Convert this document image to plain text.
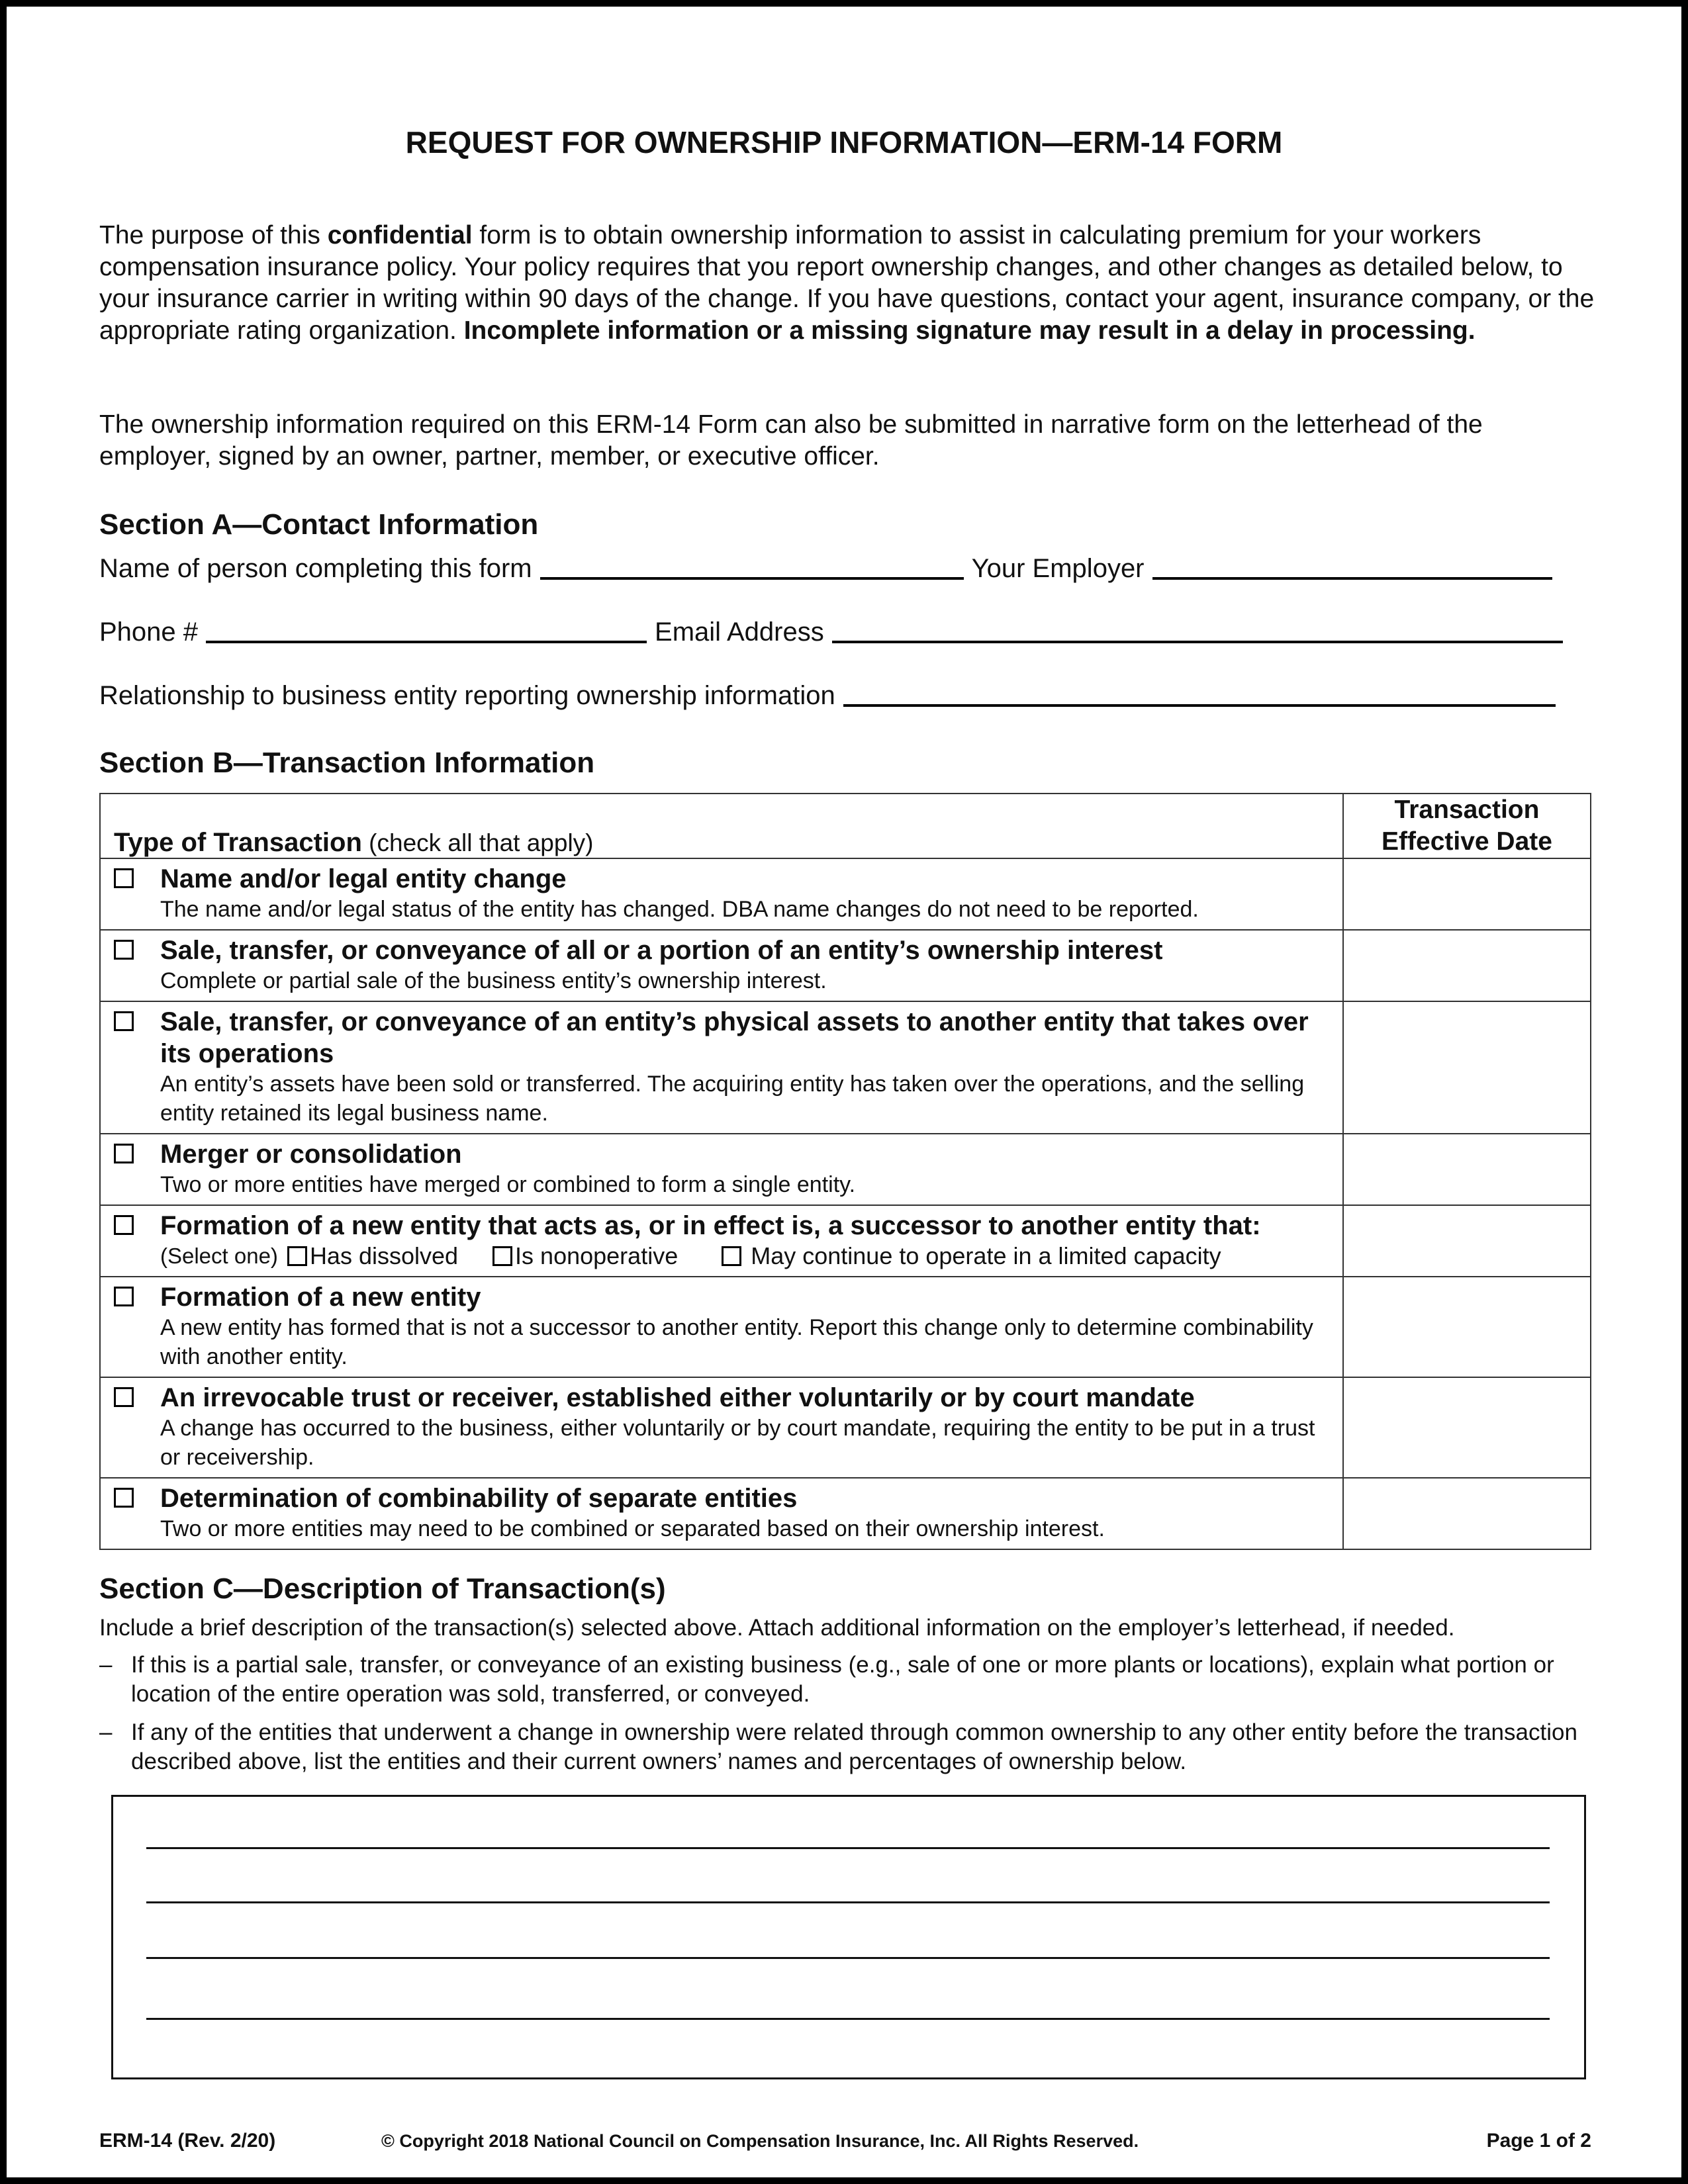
REQUEST FOR OWNERSHIP INFORMATION—ERM-14 FORM
The purpose of this confidential form is to obtain ownership information to assist in calculating premium for your workers compensation insurance policy. Your policy requires that you report ownership changes, and other changes as detailed below, to your insurance carrier in writing within 90 days of the change. If you have questions, contact your agent, insurance company, or the appropriate rating organization. Incomplete information or a missing signature may result in a delay in processing.
The ownership information required on this ERM-14 Form can also be submitted in narrative form on the letterhead of the employer, signed by an owner, partner, member, or executive officer.
Section A—Contact Information
Name of person completing this form	Your Employer
Phone #	Email Address
Relationship to business entity reporting ownership information
Section B—Transaction Information
Type of Transaction (check all that apply)	Transaction Effective Date

Name and/or legal entity change
The name and/or legal status of the entity has changed. DBA name changes do not need to be reported.	

Sale, transfer, or conveyance of all or a portion of an entity’s ownership interest
Complete or partial sale of the business entity’s ownership interest.	

Sale, transfer, or conveyance of an entity’s physical assets to another entity that takes over its operations
An entity’s assets have been sold or transferred. The acquiring entity has taken over the operations, and the selling entity retained its legal business name.	

Merger or consolidation
Two or more entities have merged or combined to form a single entity.	

Formation of a new entity that acts as, or in effect is, a successor to another entity that:
(Select one) Has dissolved Is nonoperative May continue to operate in a limited capacity	

Formation of a new entity
A new entity has formed that is not a successor to another entity. Report this change only to determine combinability with another entity.	

An irrevocable trust or receiver, established either voluntarily or by court mandate
A change has occurred to the business, either voluntarily or by court mandate, requiring the entity to be put in a trust or receivership.	

Determination of combinability of separate entities
Two or more entities may need to be combined or separated based on their ownership interest.	

Section C—Description of Transaction(s)
Include a brief description of the transaction(s) selected above. Attach additional information on the employer’s letterhead, if needed.
– If this is a partial sale, transfer, or conveyance of an existing business (e.g., sale of one or more plants or locations), explain what portion or location of the entire operation was sold, transferred, or conveyed.
– If any of the entities that underwent a change in ownership were related through common ownership to any other entity before the transaction described above, list the entities and their current owners’ names and percentages of ownership below.
ERM-14 (Rev. 2/20)	© Copyright 2018 National Council on Compensation Insurance, Inc. All Rights Reserved.	Page 1 of 2
